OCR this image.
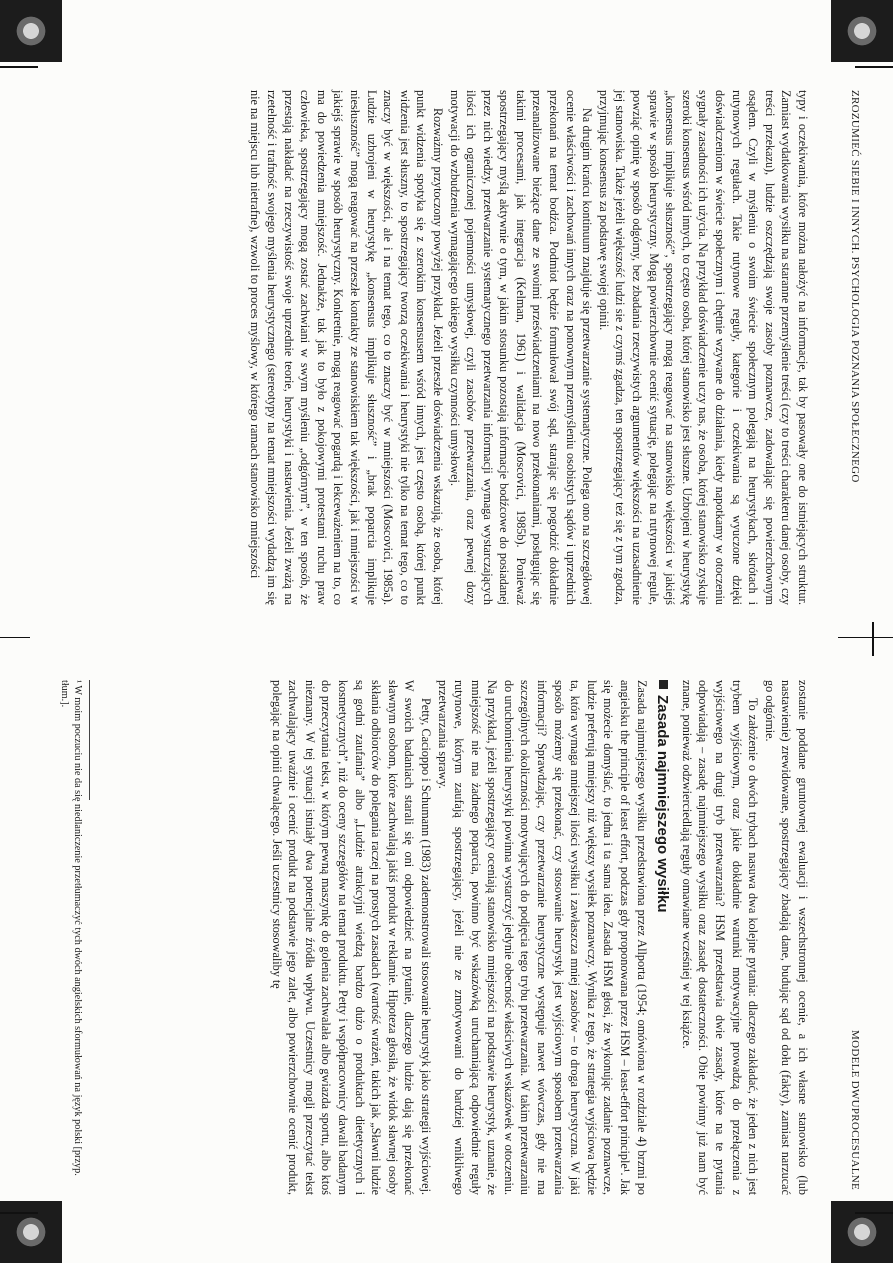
ZROZUMIEĆ SIEBIE I INNYCH. PSYCHOLOGIA POZNANIA SPOŁECZNEGO

typy i oczekiwania, które można nałożyć na informacje, tak by pasowały one do istniejących struktur. Zamiast wydatkowania wysiłku na staranne przemyślenie treści (czy to treści charakteru danej osoby, czy treści przekazu), ludzie oszczędzają swoje zasoby poznawcze, zadowalając się powierzchownym osądem. Czyli w myśleniu o swoim świecie społecznym polegają na heurystykach, skrótach i rutynowych regułach. Takie rutynowe reguły, kategorie i oczekiwania są wyuczone dzięki doświadczeniom w świecie społecznym i chętnie wzywane do działania, kiedy napotkamy w otoczeniu sygnały zasadności ich użycia. Na przykład doświadczenie uczy nas, że osoba, której stanowisko zyskuje szeroki konsensus wśród innych, to często osoba, której stanowisko jest słuszne. Uzbrojeni w heurystykę „konsensus implikuje słuszność”, spostrzegający mogą reagować na stanowisko większości w jakiejś sprawie w sposób heurystyczny. Mogą powierzchownie ocenić sytuację, polegając na rutynowej regule, powziąć opinię w sposób odgórny, bez zbadania rzeczywistych argumentów większości na uzasadnienie jej stanowiska. Także jeżeli większość ludzi sie z czymś zgadza, ten spostrzegający też się z tym zgodza, przyjmując konsensus za podstawę swojej opinii.

Na drugim krańcu kontinuum znajduje się przetwarzanie systematyczne. Polega ono na szczegółowej ocenie właściwości i zachowań innych oraz na ponownym przemyśleniu osobistych sądów i uprzednich przekonań na temat bodźca. Podmiot będzie formułował swój sąd, starając się pogodzić dokładnie przeanalizowane bieżące dane ze swoimi przeświadczeniami na nowo przekonaniami, posługując się takimi procesami, jak integracja (Kelman, 1961) i walidacja (Moscovici, 1985b). Ponieważ spostrzegający myślą aktywnie o tym, w jakim stosunku pozostają informacje bodźcowe do posiadanej przez nich wiedzy, przetwarzanie systematycznego przetwarzania informacji wymaga wystarczających ilości ich ograniczonej pojemności umysłowej, czyli zasobów przetwarzania, oraz pewnej dozy motywacji do wzbudzenia wymagającego takiego wysiłku czynności umysłowej.

Rozważmy przytoczony powyżej przykład. Jeżeli przeszłe doświadczenia wskazują, że osoba, której punkt widzenia spotyka się z szerokim konsensusem wśród innych, jest często osobą, której punkt widzenia jest słuszny, to spostrzegający tworzą oczekiwania i heurystyki nie tylko na temat tego, co to znaczy być w większości, ale i na temat tego, co to znaczy być w mniejszości (Moscovici, 1985a). Ludzie uzbrojeni w heurystykę „konsensus implikuje słuszność” i „brak poparcia implikuje niesłuszność” mogą reagować na przeszłe kontakty ze stanowiskiem tak większości, jak i mniejszości w jakiejś sprawie w sposób heurystyczny. Konkretnie, mogą reagować pogardą i lekceważeniem na to, co ma do powiedzenia mniejszość. Jednakże, tak jak to było z pokojowymi protestami ruchu praw człowieka, spostrzegający mogą zostać zachwiani w swym myśleniu „odgórnym”, w ten sposób, że przestają nakładać na rzeczywistość swoje uprzednie teorie, heurystyki i nastawienia. Jeżeli zważą na rzetelność i trafność swojego myślenia heurystycznego (stereotypy na temat mniejszości wydadzą im się nie na miejscu lub nietrafne), wzwoli to proces myślowy, w którego ramach stanowisko mniejszości

MODELE DWUPROCESUALNE

zostanie poddane gruntownej ewaluacji i wszechstronnej ocenie, a ich własne stanowisko (lub nastawienie) zrewidowane, spostrzegający zbadają dane, budując sąd od dołu (fakty), zamiast narzucać go odgórnie.

To założenie o dwóch trybach nasuwa dwa kolejne pytania: dlaczego zakładać, że jeden z nich jest trybem wyjściowym, oraz jakie dokładnie warunki motywacyjne prowadzą do przełączenia z wyjściowego na drugi tryb przetwarzania? HSM przedstawia dwie zasady, które na te pytania odpowiadają – zasadę najmniejszego wysiłku oraz zasadę dostateczności. Obie powinny już nam być znane, ponieważ odzwierciedlają reguły omawiane wcześniej w tej książce.

Zasada najmniejszego wysiłku

Zasada najmniejszego wysiłku przedstawiona przez Allporta (1954; omówiona w rozdziale 4) brzmi po angielsku the principle of least effort, podczas gdy proponowana przez HSM – least-effort principle¹. Jak się możecie domyślać, to jedna i ta sama idea. Zasada HSM głosi, że wykonując zadanie poznawcze, ludzie preferują mniejszy niż większy wysiłek poznawczy. Wynika z tego, że strategia wyjściowa będzie ta, która wymaga mniejszej ilości wysiłku i zawłaszcza mniej zasobów – to droga heurystyczna. W jaki sposób możemy się przekonać, czy stosowanie heurystyk jest wyjściowym sposobem przetwarzania informacji? Sprawdzając, czy przetwarzanie heurystyczne występuje nawet wówczas, gdy nie ma szczególnych okoliczności motywujących do podjęcia tego trybu przetwarzania. W takim przetwarzaniu do uruchomienia heurystyki powinna wystarczyć jedynie obecność właściwych wskazówek w otoczeniu. Na przykład, jeżeli spostrzegający oceniają stanowisko mniejszości na podstawie heurystyk, uznanie, że mniejszość nie ma żadnego poparcia, powinno być wskazówką uruchamiającą odpowiednie reguły rutynowe, którym zaufają spostrzegający, jeżeli nie ze zmotywowani do bardziej wnikliwego przetwarzania sprawy.

Petty, Cacioppo i Schumann (1983) zademonstrowali stosowanie heurystyk jako strategii wyjściowej. W swoich badaniach starali się oni odpowiedzieć na pytanie, dlaczego ludzie dają się przekonać sławnym osobom, które zachwalają jakiś produkt w reklamie. Hipoteza głosiła, że widok sławnej osoby skłania odbiorców do polegania raczej na prostych zasadach (wartość wrażeń, takich jak „Sławni ludzie są godni zaufania” albo „Ludzie atrakcyjni wiedzą bardzo dużo o produktach dietetycznych i kosmetycznych”, niż do oceny szczegółów na temat produktu. Petty i współpracownicy dawali badanym do przeczytania tekst, w którym pewną maszynkę do golenia zachwalała albo gwiazda sportu, albo ktoś nieznany. W tej sytuacji istniały dwa potencjalne źródła wpływu. Uczestnicy mogli przeczytać tekst zachwalający uważnie i ocenić produkt na podstawie jego zalet, albo powierzchownie ocenić produkt, polegając na opinii chwalącego. Jeśli uczestnicy stosowaliby tę

¹ W moim poczuciu nie da się niedlaniczenie przetłumaczyć tych dwóch angielskich sformułowań na język polski [przyp. tłum.].
